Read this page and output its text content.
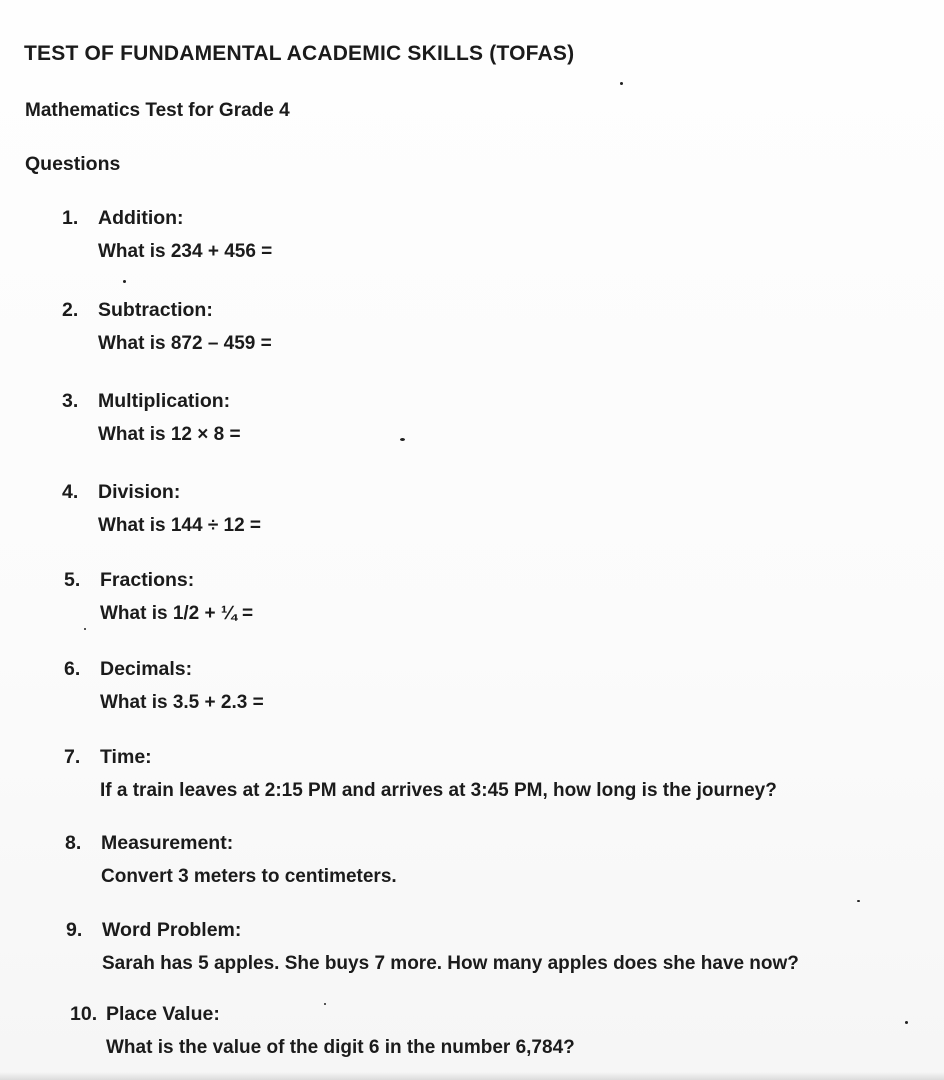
TEST OF FUNDAMENTAL ACADEMIC SKILLS (TOFAS)
Mathematics Test for Grade 4
Questions
1. Addition:
What is 234 + 456 =
2. Subtraction:
What is 872 – 459 =
3. Multiplication:
What is 12 × 8 =
4. Division:
What is 144 ÷ 12 =
5. Fractions:
What is 1/2 + ¼ =
6. Decimals:
What is 3.5 + 2.3 =
7. Time:
If a train leaves at 2:15 PM and arrives at 3:45 PM, how long is the journey?
8. Measurement:
Convert 3 meters to centimeters.
9. Word Problem:
Sarah has 5 apples. She buys 7 more. How many apples does she have now?
10. Place Value:
What is the value of the digit 6 in the number 6,784?
